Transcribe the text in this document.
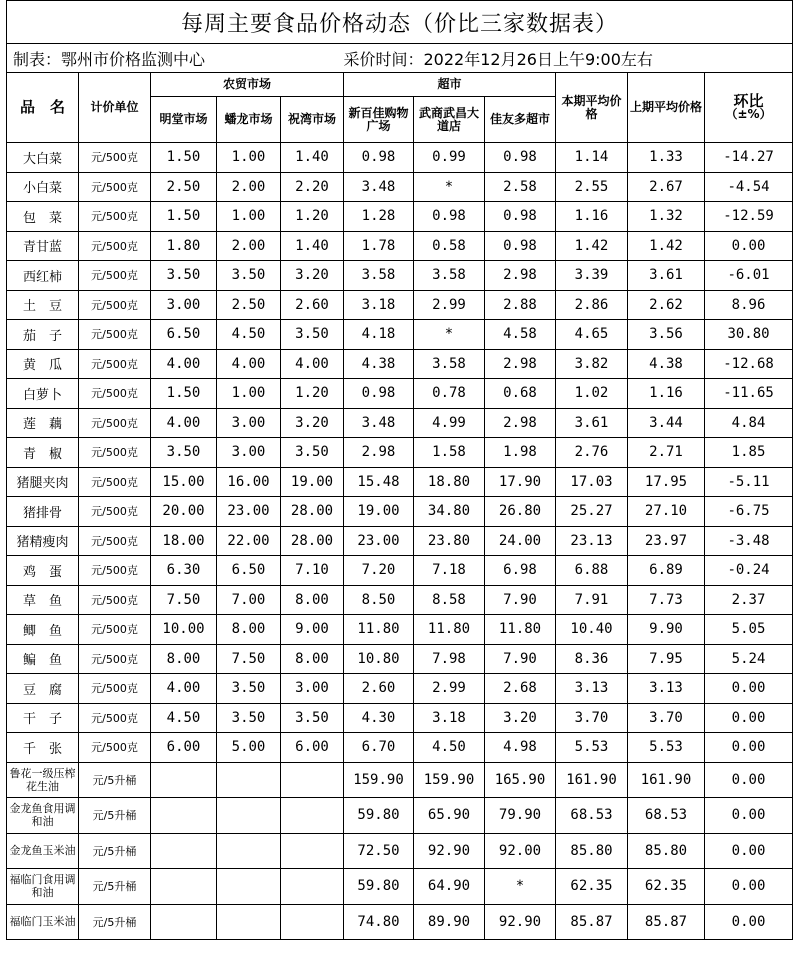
每周主要食品价格动态（价比三家数据表）										
制表：鄂州市价格监测中心					采价时间：2022年12月26日上午9:00左右					
品　名	计价单位	农贸市场			超市			本期平均价格	上期平均价格	环比
（±%）

		明堂市场	蟠龙市场	祝湾市场	新百佳购物广场	武商武昌大道店	佳友多超市			
大白菜	元/500克	1.50	1.00	1.40	0.98	0.99	0.98	1.14	1.33	-14.27
小白菜	元/500克	2.50	2.00	2.20	3.48	*	2.58	2.55	2.67	-4.54
包　菜	元/500克	1.50	1.00	1.20	1.28	0.98	0.98	1.16	1.32	-12.59
青甘蓝	元/500克	1.80	2.00	1.40	1.78	0.58	0.98	1.42	1.42	0.00
西红柿	元/500克	3.50	3.50	3.20	3.58	3.58	2.98	3.39	3.61	-6.01
土　豆	元/500克	3.00	2.50	2.60	3.18	2.99	2.88	2.86	2.62	8.96
茄　子	元/500克	6.50	4.50	3.50	4.18	*	4.58	4.65	3.56	30.80
黄　瓜	元/500克	4.00	4.00	4.00	4.38	3.58	2.98	3.82	4.38	-12.68
白萝卜	元/500克	1.50	1.00	1.20	0.98	0.78	0.68	1.02	1.16	-11.65
莲　藕	元/500克	4.00	3.00	3.20	3.48	4.99	2.98	3.61	3.44	4.84
青　椒	元/500克	3.50	3.00	3.50	2.98	1.58	1.98	2.76	2.71	1.85
猪腿夹肉	元/500克	15.00	16.00	19.00	15.48	18.80	17.90	17.03	17.95	-5.11
猪排骨	元/500克	20.00	23.00	28.00	19.00	34.80	26.80	25.27	27.10	-6.75
猪精瘦肉	元/500克	18.00	22.00	28.00	23.00	23.80	24.00	23.13	23.97	-3.48
鸡　蛋	元/500克	6.30	6.50	7.10	7.20	7.18	6.98	6.88	6.89	-0.24
草　鱼	元/500克	7.50	7.00	8.00	8.50	8.58	7.90	7.91	7.73	2.37
鲫　鱼	元/500克	10.00	8.00	9.00	11.80	11.80	11.80	10.40	9.90	5.05
鳊　鱼	元/500克	8.00	7.50	8.00	10.80	7.98	7.90	8.36	7.95	5.24
豆　腐	元/500克	4.00	3.50	3.00	2.60	2.99	2.68	3.13	3.13	0.00
干　子	元/500克	4.50	3.50	3.50	4.30	3.18	3.20	3.70	3.70	0.00
千　张	元/500克	6.00	5.00	6.00	6.70	4.50	4.98	5.53	5.53	0.00
鲁花一级压榨花生油	元/5升桶				159.90	159.90	165.90	161.90	161.90	0.00
金龙鱼食用调和油	元/5升桶				59.80	65.90	79.90	68.53	68.53	0.00
金龙鱼玉米油	元/5升桶				72.50	92.90	92.00	85.80	85.80	0.00
福临门食用调和油	元/5升桶				59.80	64.90	*	62.35	62.35	0.00
福临门玉米油	元/5升桶				74.80	89.90	92.90	85.87	85.87	0.00
